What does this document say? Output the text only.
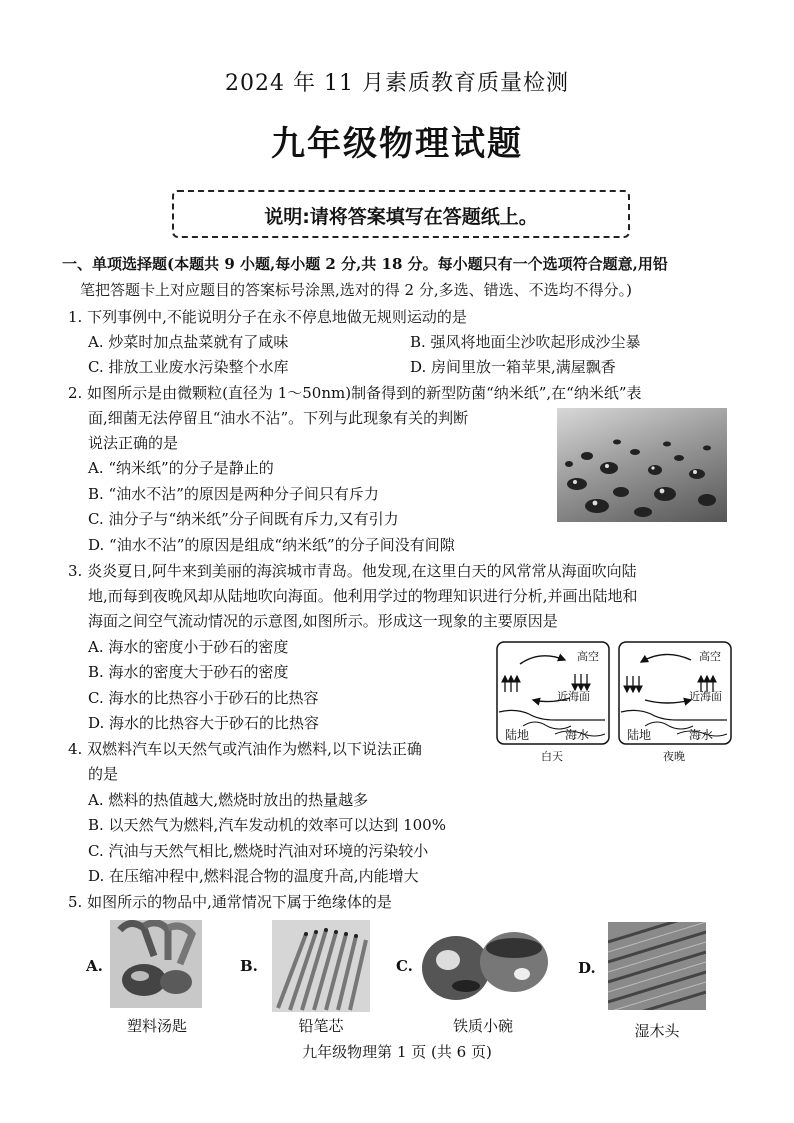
2024 年 11 月素质教育质量检测
九年级物理试题
说明:请将答案填写在答题纸上。
一、单项选择题(本题共 9 小题,每小题 2 分,共 18 分。每小题只有一个选项符合题意,用铅
笔把答题卡上对应题目的答案标号涂黑,选对的得 2 分,多选、错选、不选均不得分。)
1. 下列事例中,不能说明分子在永不停息地做无规则运动的是
A. 炒菜时加点盐菜就有了咸味	B. 强风将地面尘沙吹起形成沙尘暴
C. 排放工业废水污染整个水库	D. 房间里放一箱苹果,满屋飘香
2. 如图所示是由微颗粒(直径为 1～50nm)制备得到的新型防菌“纳米纸”,在“纳米纸”表
面,细菌无法停留且“油水不沾”。下列与此现象有关的判断
说法正确的是
A. “纳米纸”的分子是静止的
B. “油水不沾”的原因是两种分子间只有斥力
C. 油分子与“纳米纸”分子间既有斥力,又有引力
D. “油水不沾”的原因是组成“纳米纸”的分子间没有间隙
3. 炎炎夏日,阿牛来到美丽的海滨城市青岛。他发现,在这里白天的风常常从海面吹向陆
地,而每到夜晚风却从陆地吹向海面。他利用学过的物理知识进行分析,并画出陆地和
海面之间空气流动情况的示意图,如图所示。形成这一现象的主要原因是
A. 海水的密度小于砂石的密度
B. 海水的密度大于砂石的密度
C. 海水的比热容小于砂石的比热容
D. 海水的比热容大于砂石的比热容
高空
近海面
陆地	海水
高空
近海面
陆地	海水
白天	夜晚
4. 双燃料汽车以天然气或汽油作为燃料,以下说法正确
的是
A. 燃料的热值越大,燃烧时放出的热量越多
B. 以天然气为燃料,汽车发动机的效率可以达到 100%
C. 汽油与天然气相比,燃烧时汽油对环境的污染较小
D. 在压缩冲程中,燃料混合物的温度升高,内能增大
5. 如图所示的物品中,通常情况下属于绝缘体的是
A.
塑料汤匙
B.
铅笔芯
C.
铁质小碗
D.
湿木头
九年级物理第 1 页 (共 6 页)
